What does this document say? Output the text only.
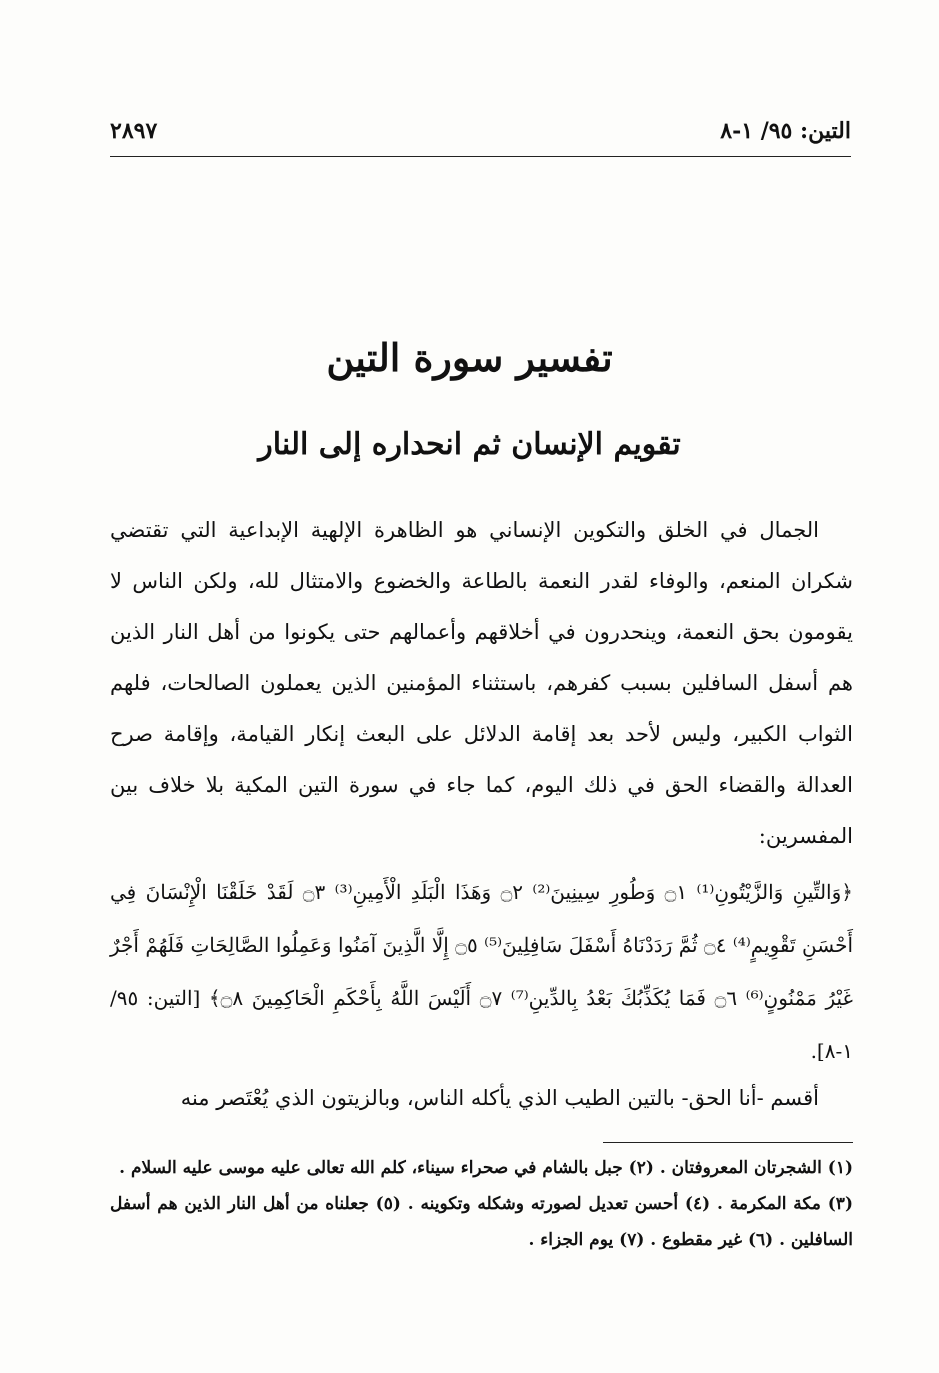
التين: ٩٥/ ١-٨
٢٨٩٧
تفسير سورة التين
تقويم الإنسان ثم انحداره إلى النار

الجمال في الخلق والتكوين الإنساني هو الظاهرة الإلهية الإبداعية التي تقتضي شكران المنعم، والوفاء لقدر النعمة بالطاعة والخضوع والامتثال لله، ولكن الناس لا يقومون بحق النعمة، وينحدرون في أخلاقهم وأعمالهم حتى يكونوا من أهل النار الذين هم أسفل السافلين بسبب كفرهم، باستثناء المؤمنين الذين يعملون الصالحات، فلهم الثواب الكبير، وليس لأحد بعد إقامة الدلائل على البعث إنكار القيامة، وإقامة صرح العدالة والقضاء الحق في ذلك اليوم، كما جاء في سورة التين المكية بلا خلاف بين المفسرين:

﴿وَالتِّينِ وَالزَّيْتُونِ⁽¹⁾ ۝١ وَطُورِ سِينِينَ⁽²⁾ ۝٢ وَهَذَا الْبَلَدِ الْأَمِينِ⁽³⁾ ۝٣ لَقَدْ خَلَقْنَا الْإِنْسَانَ فِي أَحْسَنِ تَقْوِيمٍ⁽⁴⁾ ۝٤ ثُمَّ رَدَدْنَاهُ أَسْفَلَ سَافِلِينَ⁽⁵⁾ ۝٥ إِلَّا الَّذِينَ آمَنُوا وَعَمِلُوا الصَّالِحَاتِ فَلَهُمْ أَجْرٌ غَيْرُ مَمْنُونٍ⁽⁶⁾ ۝٦ فَمَا يُكَذِّبُكَ بَعْدُ بِالدِّينِ⁽⁷⁾ ۝٧ أَلَيْسَ اللَّهُ بِأَحْكَمِ الْحَاكِمِينَ ۝٨﴾ [التين: ٩٥/ ١-٨].
أقسم -أنا الحق- بالتين الطيب الذي يأكله الناس، وبالزيتون الذي يُعْتَصر منه

(١) الشجرتان المعروفتان . (٢) جبل بالشام في صحراء سيناء، كلم الله تعالى عليه موسى عليه السلام .

(٣) مكة المكرمة . (٤) أحسن تعديل لصورته وشكله وتكوينه . (٥) جعلناه من أهل النار الذين هم أسفل السافلين . (٦) غير مقطوع . (٧) يوم الجزاء .
